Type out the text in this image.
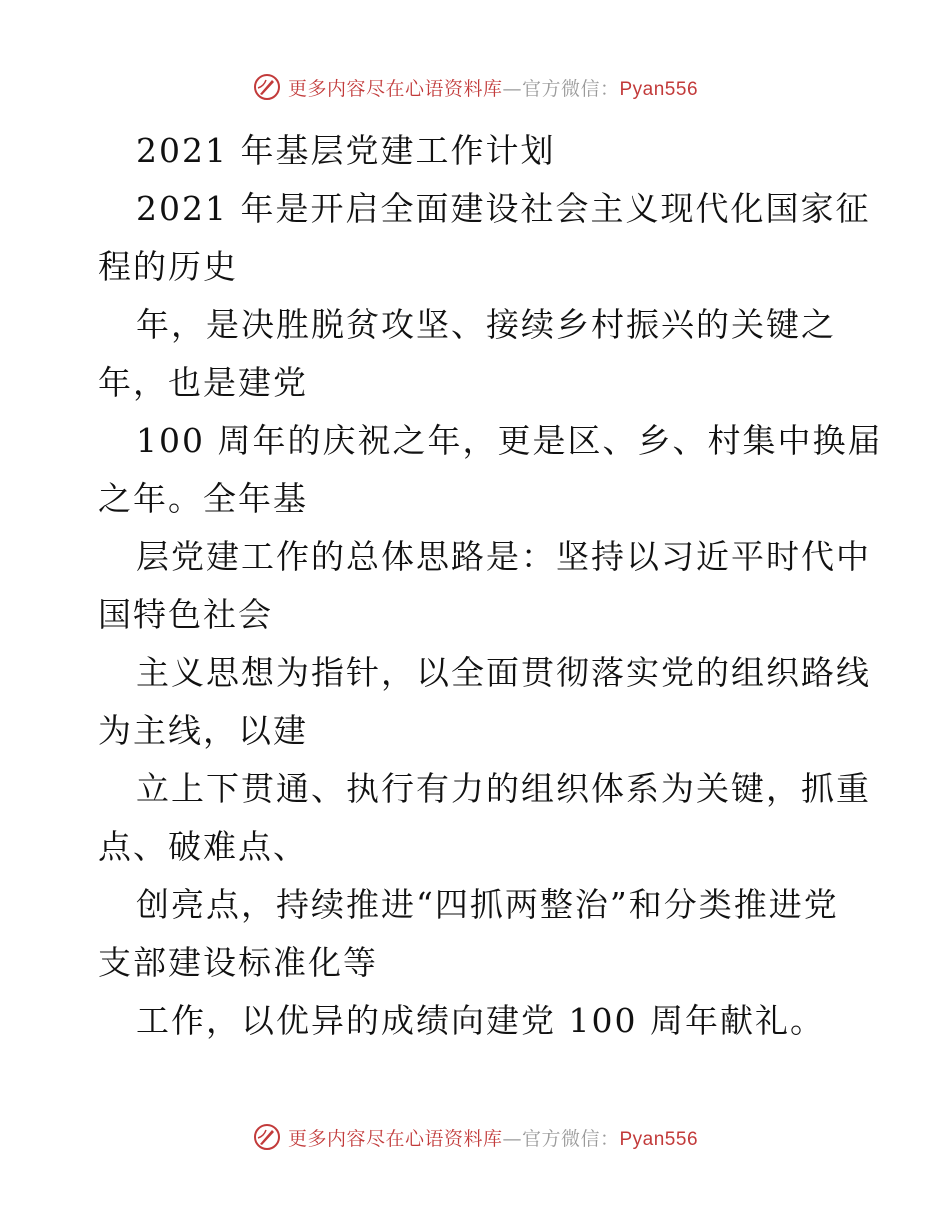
更多内容尽在心语资料库—官方微信：Pyan556
2021 年基层党建工作计划
2021 年是开启全面建设社会主义现代化国家征
程的历史
年，是决胜脱贫攻坚、接续乡村振兴的关键之
年，也是建党
100 周年的庆祝之年，更是区、乡、村集中换届
之年。全年基
层党建工作的总体思路是：坚持以习近平时代中
国特色社会
主义思想为指针，以全面贯彻落实党的组织路线
为主线，以建
立上下贯通、执行有力的组织体系为关键，抓重
点、破难点、
创亮点，持续推进“四抓两整治”和分类推进党
支部建设标准化等
工作，以优异的成绩向建党 100 周年献礼。
更多内容尽在心语资料库—官方微信：Pyan556
